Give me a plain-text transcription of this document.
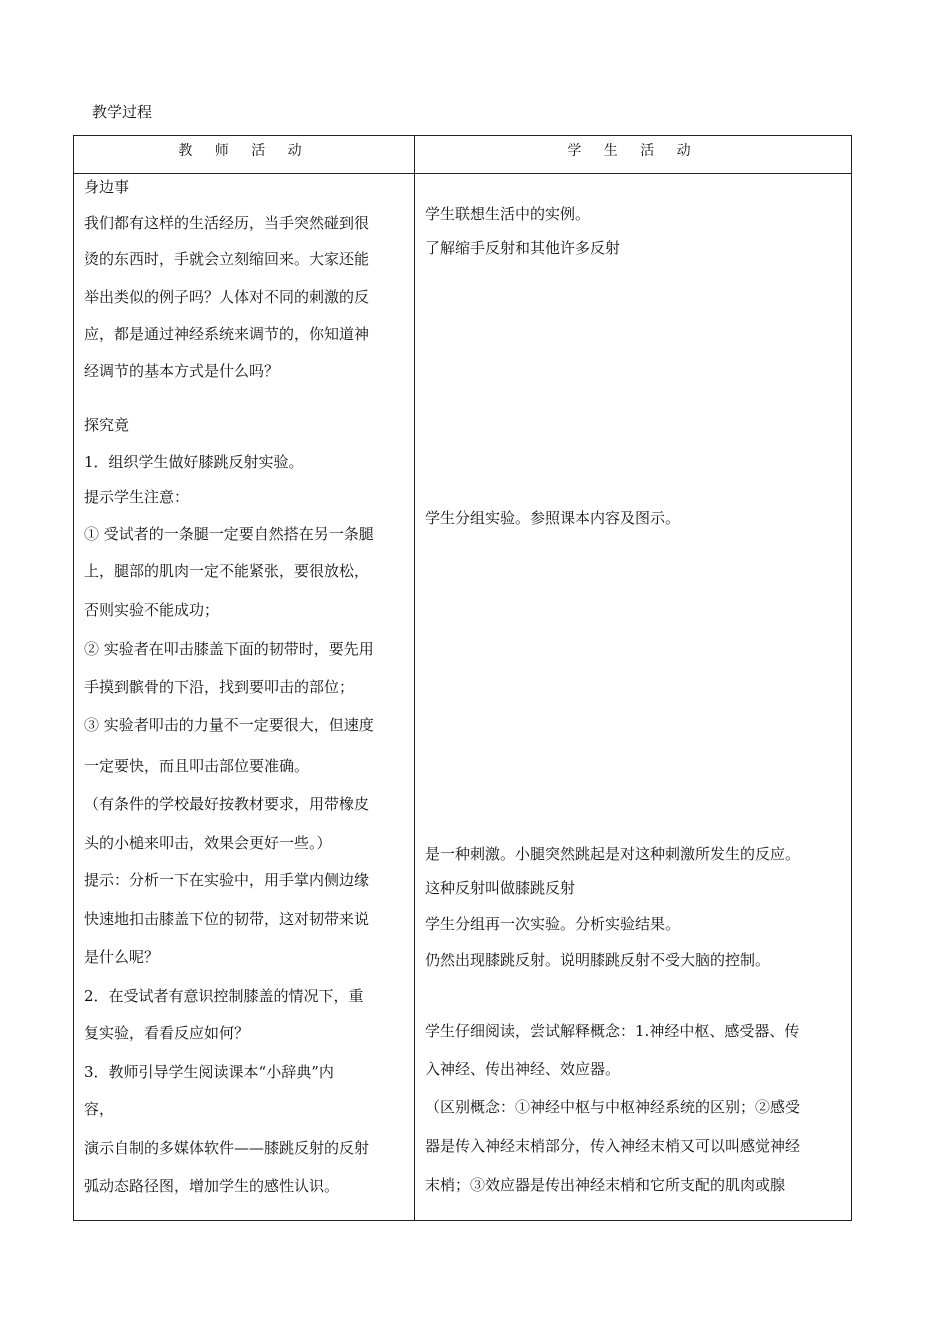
教学过程
教 师 活 动	学 生 活 动
身边事
我们都有这样的生活经历，当手突然碰到很
烫的东西时，手就会立刻缩回来。大家还能
举出类似的例子吗？人体对不同的刺激的反
应，都是通过神经系统来调节的，你知道神
经调节的基本方式是什么吗？
探究竟
1．组织学生做好膝跳反射实验。
提示学生注意：
① 受试者的一条腿一定要自然搭在另一条腿
上，腿部的肌肉一定不能紧张，要很放松，
否则实验不能成功；
② 实验者在叩击膝盖下面的韧带时，要先用
手摸到髌骨的下沿，找到要叩击的部位；
③ 实验者叩击的力量不一定要很大，但速度
一定要快，而且叩击部位要准确。
（有条件的学校最好按教材要求，用带橡皮
头的小槌来叩击，效果会更好一些。）
提示：分析一下在实验中，用手掌内侧边缘
快速地扣击膝盖下位的韧带，这对韧带来说
是什么呢？
2．在受试者有意识控制膝盖的情况下，重
复实验，看看反应如何？
3．教师引导学生阅读课本“小辞典”内
容，
演示自制的多媒体软件——膝跳反射的反射
弧动态路径图，增加学生的感性认识。
学生联想生活中的实例。
了解缩手反射和其他许多反射
学生分组实验。参照课本内容及图示。
是一种刺激。小腿突然跳起是对这种刺激所发生的反应。
这种反射叫做膝跳反射
学生分组再一次实验。分析实验结果。
仍然出现膝跳反射。说明膝跳反射不受大脑的控制。
学生仔细阅读，尝试解释概念：1.神经中枢、感受器、传
入神经、传出神经、效应器。
（区别概念：①神经中枢与中枢神经系统的区别；②感受
器是传入神经末梢部分，传入神经末梢又可以叫感觉神经
末梢；③效应器是传出神经末梢和它所支配的肌肉或腺
